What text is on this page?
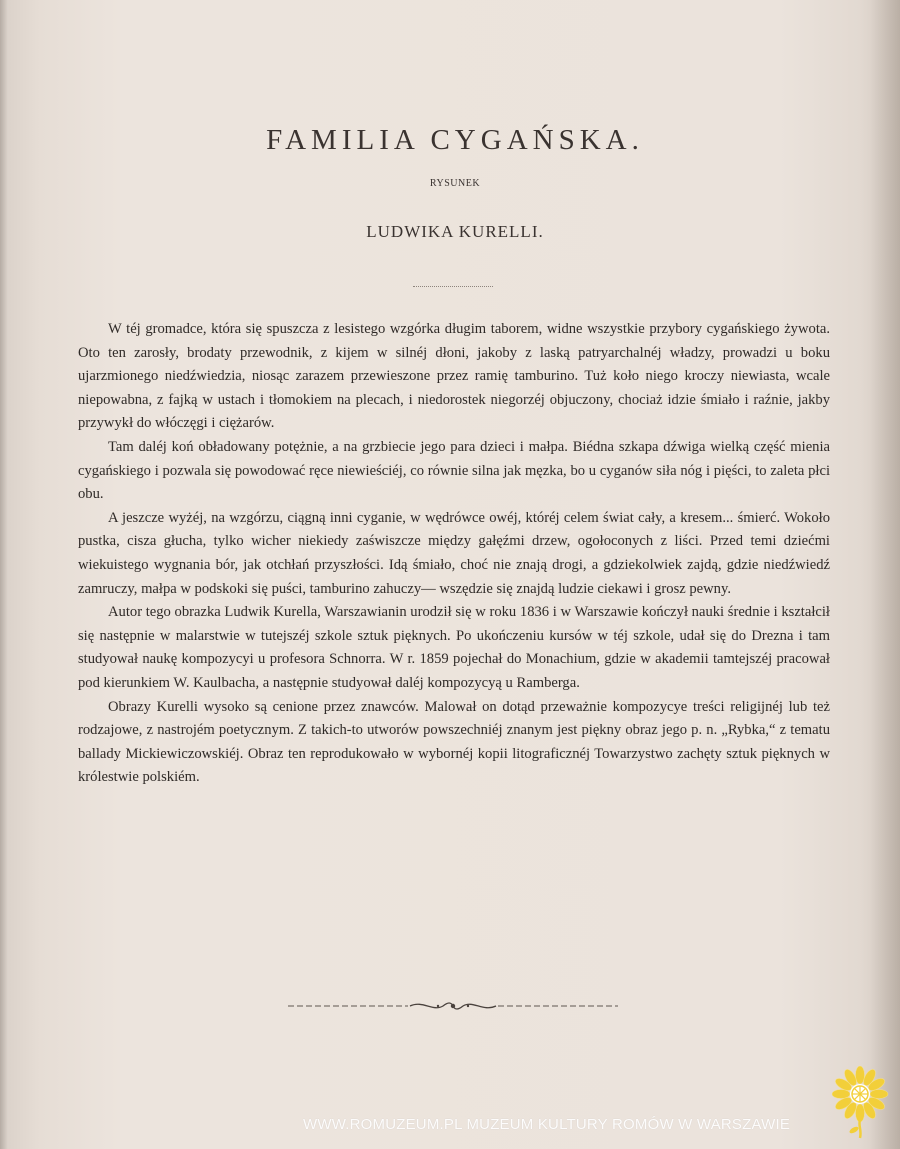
FAMILIA CYGAŃSKA.
RYSUNEK
LUDWIKA KURELLI.

W téj gromadce, która się spuszcza z lesistego wzgórka długim taborem, widne wszystkie przybory cygańskiego żywota. Oto ten zarosły, brodaty przewodnik, z kijem w silnéj dłoni, jakoby z laską patryarchalnéj władzy, prowadzi u boku ujarzmionego niedźwiedzia, niosąc zarazem przewieszone przez ramię tamburino. Tuż koło niego kroczy niewiasta, wcale niepowabna, z fajką w ustach i tłomokiem na plecach, i niedorostek niegorzéj objuczony, chociaż idzie śmiało i raźnie, jakby przywykł do włóczęgi i ciężarów.

Tam daléj koń obładowany potężnie, a na grzbiecie jego para dzieci i małpa. Biédna szkapa dźwiga wielką część mienia cygańskiego i pozwala się powodować ręce niewieściéj, co równie silna jak męzka, bo u cyganów siła nóg i pięści, to zaleta płci obu.

A jeszcze wyżéj, na wzgórzu, ciągną inni cyganie, w wędrówce owéj, któréj celem świat cały, a kresem... śmierć. Wokoło pustka, cisza głucha, tylko wicher niekiedy zaświszcze między gałęźmi drzew, ogołoconych z liści. Przed temi dziećmi wiekuistego wygnania bór, jak otchłań przyszłości. Idą śmiało, choć nie znają drogi, a gdziekolwiek zajdą, gdzie niedźwiedź zamruczy, małpa w podskoki się puści, tamburino zahuczy— wszędzie się znajdą ludzie ciekawi i grosz pewny.

Autor tego obrazka Ludwik Kurella, Warszawianin urodził się w roku 1836 i w Warszawie kończył nauki średnie i kształcił się następnie w malarstwie w tutejszéj szkole sztuk pięknych. Po ukończeniu kursów w téj szkole, udał się do Drezna i tam studyował naukę kompozycyi u profesora Schnorra. W r. 1859 pojechał do Monachium, gdzie w akademii tamtejszéj pracował pod kierunkiem W. Kaulbacha, a następnie studyował daléj kompozycyą u Ramberga.

Obrazy Kurelli wysoko są cenione przez znawców. Malował on dotąd przeważnie kompozycye treści religijnéj lub też rodzajowe, z nastrojém poetycznym. Z takich-to utworów powszechniéj znanym jest piękny obraz jego p. n. „Rybka,“ z tematu ballady Mickiewiczowskiéj. Obraz ten reprodukowało w wybornéj kopii litograficznéj Towarzystwo zachęty sztuk pięknych w królestwie polskiém.

WWW.ROMUZEUM.PL MUZEUM KULTURY ROMÓW W WARSZAWIE
